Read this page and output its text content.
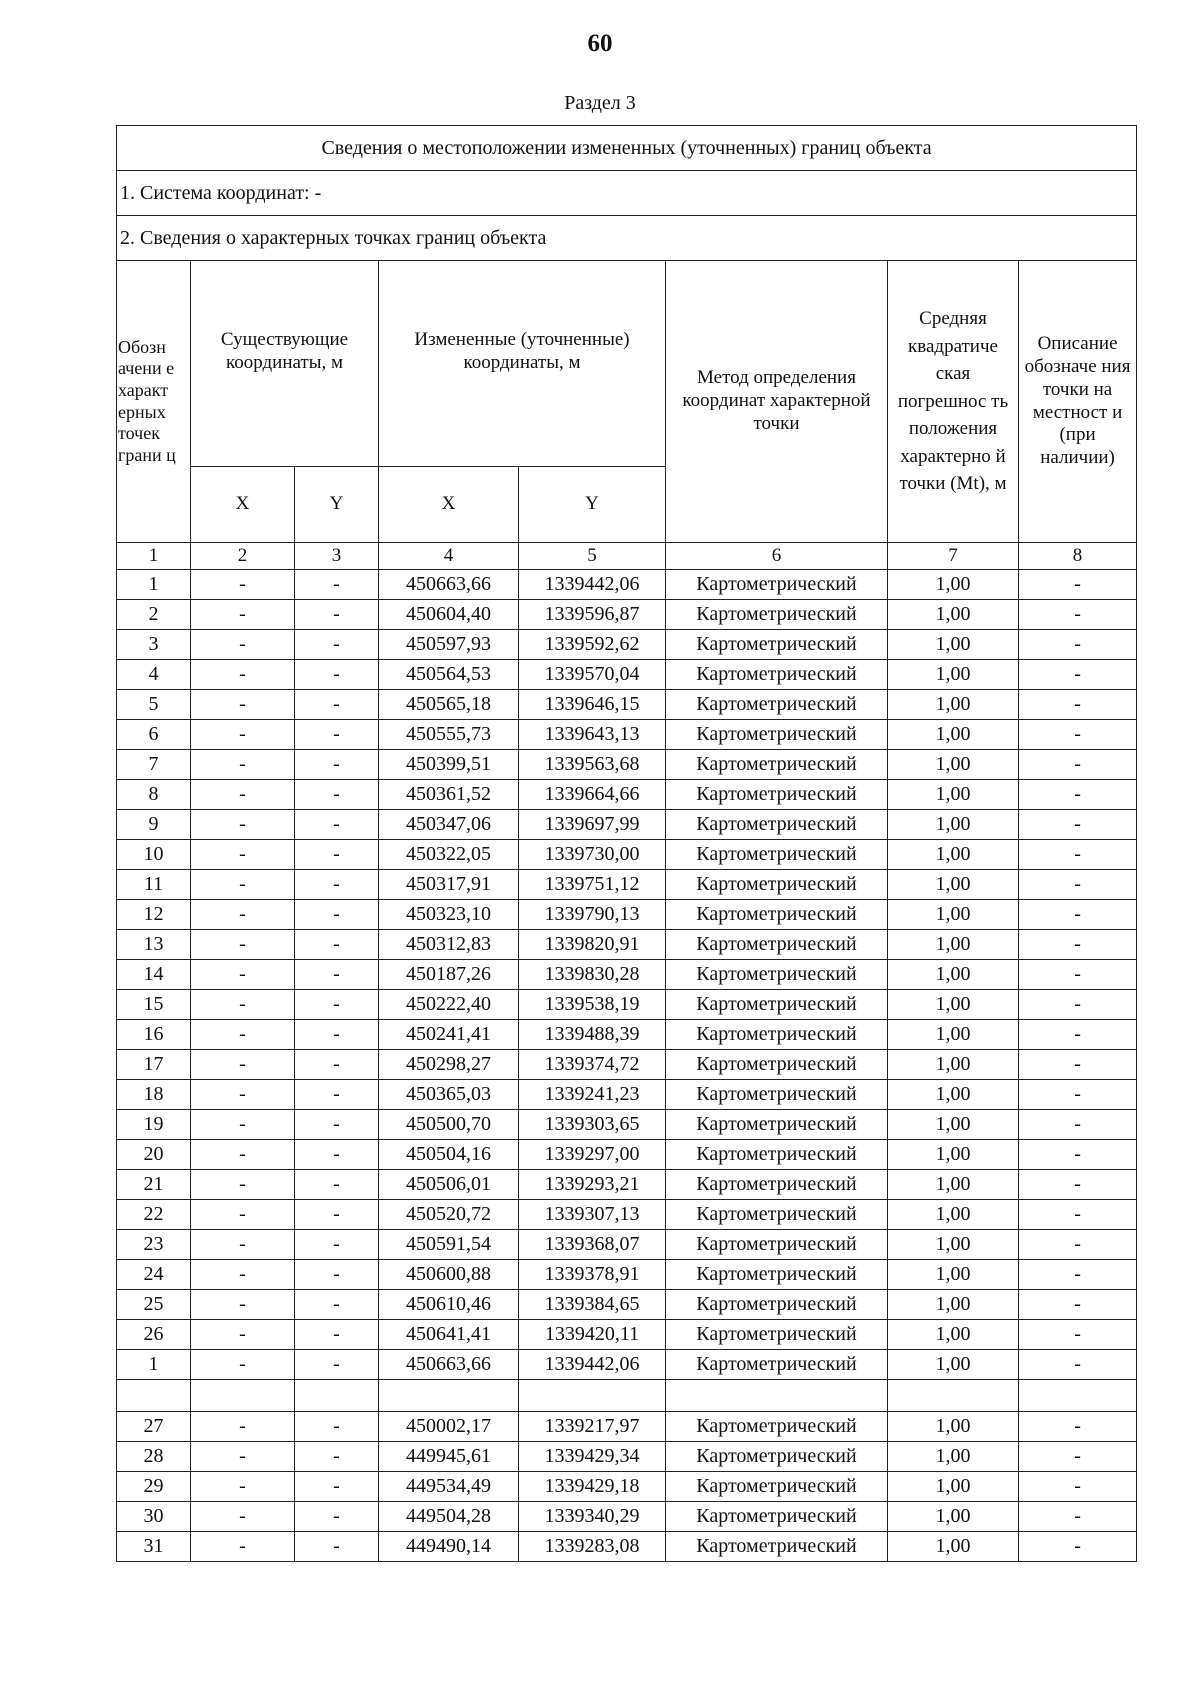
60
Раздел 3
Сведения о местоположении измененных (уточненных) границ объекта							
1. Система координат: -							
2. Сведения о характерных точках границ объекта							
Обозн ачени е характ ерных точек грани ц	Существующие координаты, м		Измененные (уточненные) координаты, м		Метод определения координат характерной точки	Средняя квадратиче ская погрешнос ть положения характерно й точки (Mt), м	Описание обозначе ния точки на местност и (при наличии)
	X	Y	X	Y			
1	2	3	4	5	6	7	8
1	-	-	450663,66	1339442,06	Картометрический	1,00	-
2	-	-	450604,40	1339596,87	Картометрический	1,00	-
3	-	-	450597,93	1339592,62	Картометрический	1,00	-
4	-	-	450564,53	1339570,04	Картометрический	1,00	-
5	-	-	450565,18	1339646,15	Картометрический	1,00	-
6	-	-	450555,73	1339643,13	Картометрический	1,00	-
7	-	-	450399,51	1339563,68	Картометрический	1,00	-
8	-	-	450361,52	1339664,66	Картометрический	1,00	-
9	-	-	450347,06	1339697,99	Картометрический	1,00	-
10	-	-	450322,05	1339730,00	Картометрический	1,00	-
11	-	-	450317,91	1339751,12	Картометрический	1,00	-
12	-	-	450323,10	1339790,13	Картометрический	1,00	-
13	-	-	450312,83	1339820,91	Картометрический	1,00	-
14	-	-	450187,26	1339830,28	Картометрический	1,00	-
15	-	-	450222,40	1339538,19	Картометрический	1,00	-
16	-	-	450241,41	1339488,39	Картометрический	1,00	-
17	-	-	450298,27	1339374,72	Картометрический	1,00	-
18	-	-	450365,03	1339241,23	Картометрический	1,00	-
19	-	-	450500,70	1339303,65	Картометрический	1,00	-
20	-	-	450504,16	1339297,00	Картометрический	1,00	-
21	-	-	450506,01	1339293,21	Картометрический	1,00	-
22	-	-	450520,72	1339307,13	Картометрический	1,00	-
23	-	-	450591,54	1339368,07	Картометрический	1,00	-
24	-	-	450600,88	1339378,91	Картометрический	1,00	-
25	-	-	450610,46	1339384,65	Картометрический	1,00	-
26	-	-	450641,41	1339420,11	Картометрический	1,00	-
1	-	-	450663,66	1339442,06	Картометрический	1,00	-

27	-	-	450002,17	1339217,97	Картометрический	1,00	-
28	-	-	449945,61	1339429,34	Картометрический	1,00	-
29	-	-	449534,49	1339429,18	Картометрический	1,00	-
30	-	-	449504,28	1339340,29	Картометрический	1,00	-
31	-	-	449490,14	1339283,08	Картометрический	1,00	-
